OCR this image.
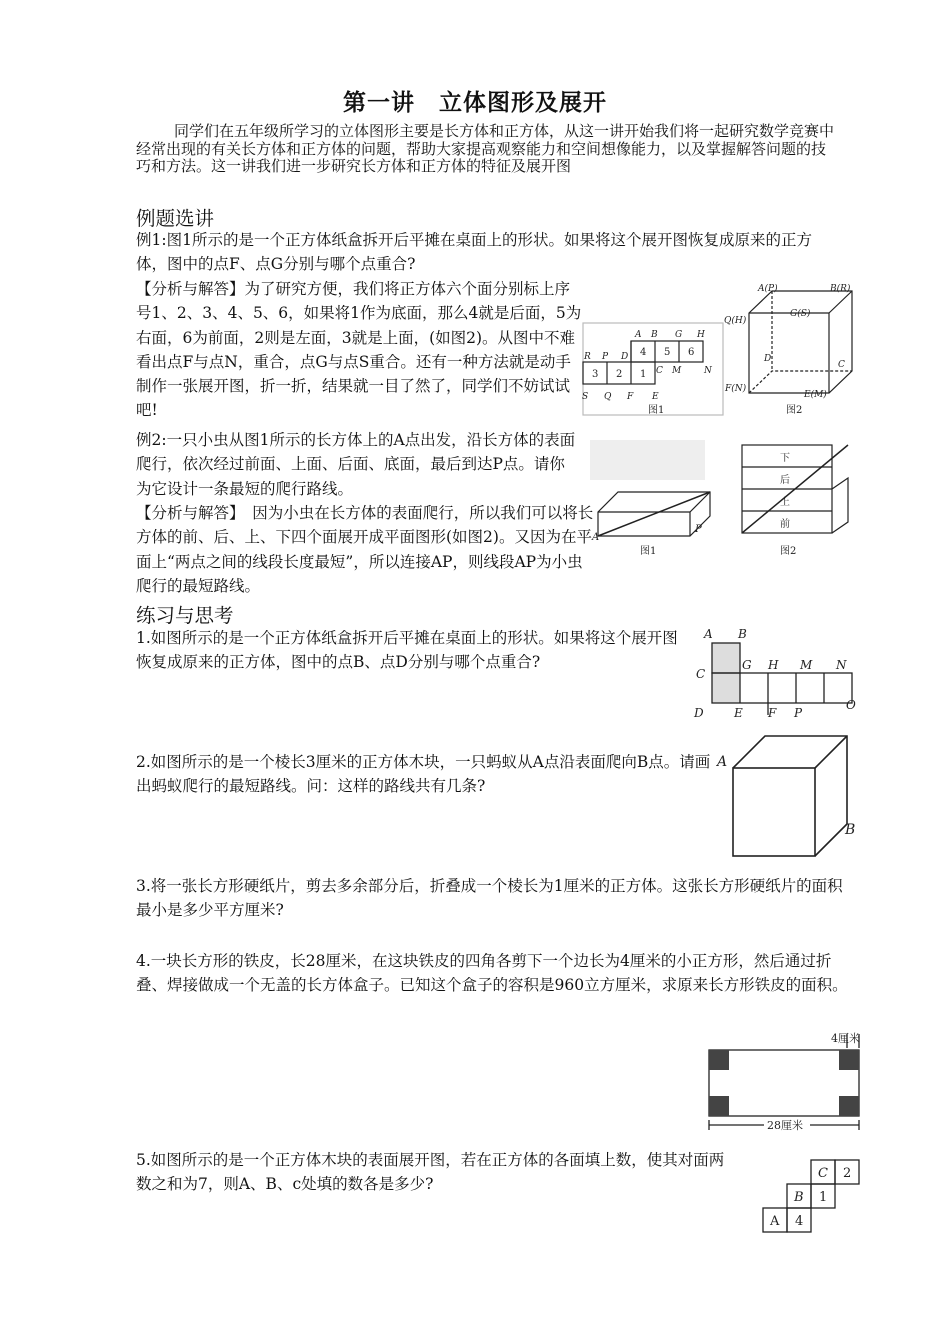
第一讲　立体图形及展开

同学们在五年级所学习的立体图形主要是长方体和正方体，从这一讲开始我们将一起研究数学竞赛中经常出现的有关长方体和正方体的问题，帮助大家提高观察能力和空间想像能力，以及掌握解答问题的技巧和方法。这一讲我们进一步研究长方体和正方体的特征及展开图

例题选讲

例1:图1所示的是一个正方体纸盒拆开后平摊在桌面上的形状。如果将这个展开图恢复成原来的正方体，图中的点F、点G分别与哪个点重合?

【分析与解答】为了研究方便，我们将正方体六个面分别标上序号1、2、3、4、5、6，如果将1作为底面，那么4就是后面，5为右面，6为前面，2则是左面，3就是上面，(如图2)。从图中不难看出点F与点N，重合，点G与点S重合。还有一种方法就是动手制作一张展开图，折一折，结果就一目了然了，同学们不妨试试吧!

例2:一只小虫从图1所示的长方体上的A点出发，沿长方体的表面爬行，依次经过前面、上面、后面、底面，最后到达P点。请你为它设计一条最短的爬行路线。

【分析与解答】　因为小虫在长方体的表面爬行，所以我们可以将长方体的前、后、上、下四个面展开成平面图形(如图2)。又因为在平面上“两点之间的线段长度最短”，所以连接AP，则线段AP为小虫爬行的最短路线。

练习与思考

1.如图所示的是一个正方体纸盒拆开后平摊在桌面上的形状。如果将这个展开图恢复成原来的正方体，图中的点B、点D分别与哪个点重合?

2.如图所示的是一个棱长3厘米的正方体木块，一只蚂蚁从A点沿表面爬向B点。请画出蚂蚁爬行的最短路线。问：这样的路线共有几条?

3.将一张长方形硬纸片，剪去多余部分后，折叠成一个棱长为1厘米的正方体。这张长方形硬纸片的面积最小是多少平方厘米?

4.一块长方形的铁皮，长28厘米，在这块铁皮的四角各剪下一个边长为4厘米的小正方形，然后通过折叠、焊接做成一个无盖的长方体盒子。已知这个盒子的容积是960立方厘米，求原来长方形铁皮的面积。

5.如图所示的是一个正方体木块的表面展开图，若在正方体的各面填上数，使其对面两数之和为7，则A、B、c处填的数各是多少?

A B G H
R P D
C M	N
S Q F E
3 2 1
4 5 6
图1	图2
A(P)	B(R)
Q(H)
G(S)
D
C
F(N)
E(M)
A
P
下
后
上
前
图1	图2
A B
C
G H M N
D	E F P
O
A
B
4厘米
28厘米
C 2
B 1
A 4
